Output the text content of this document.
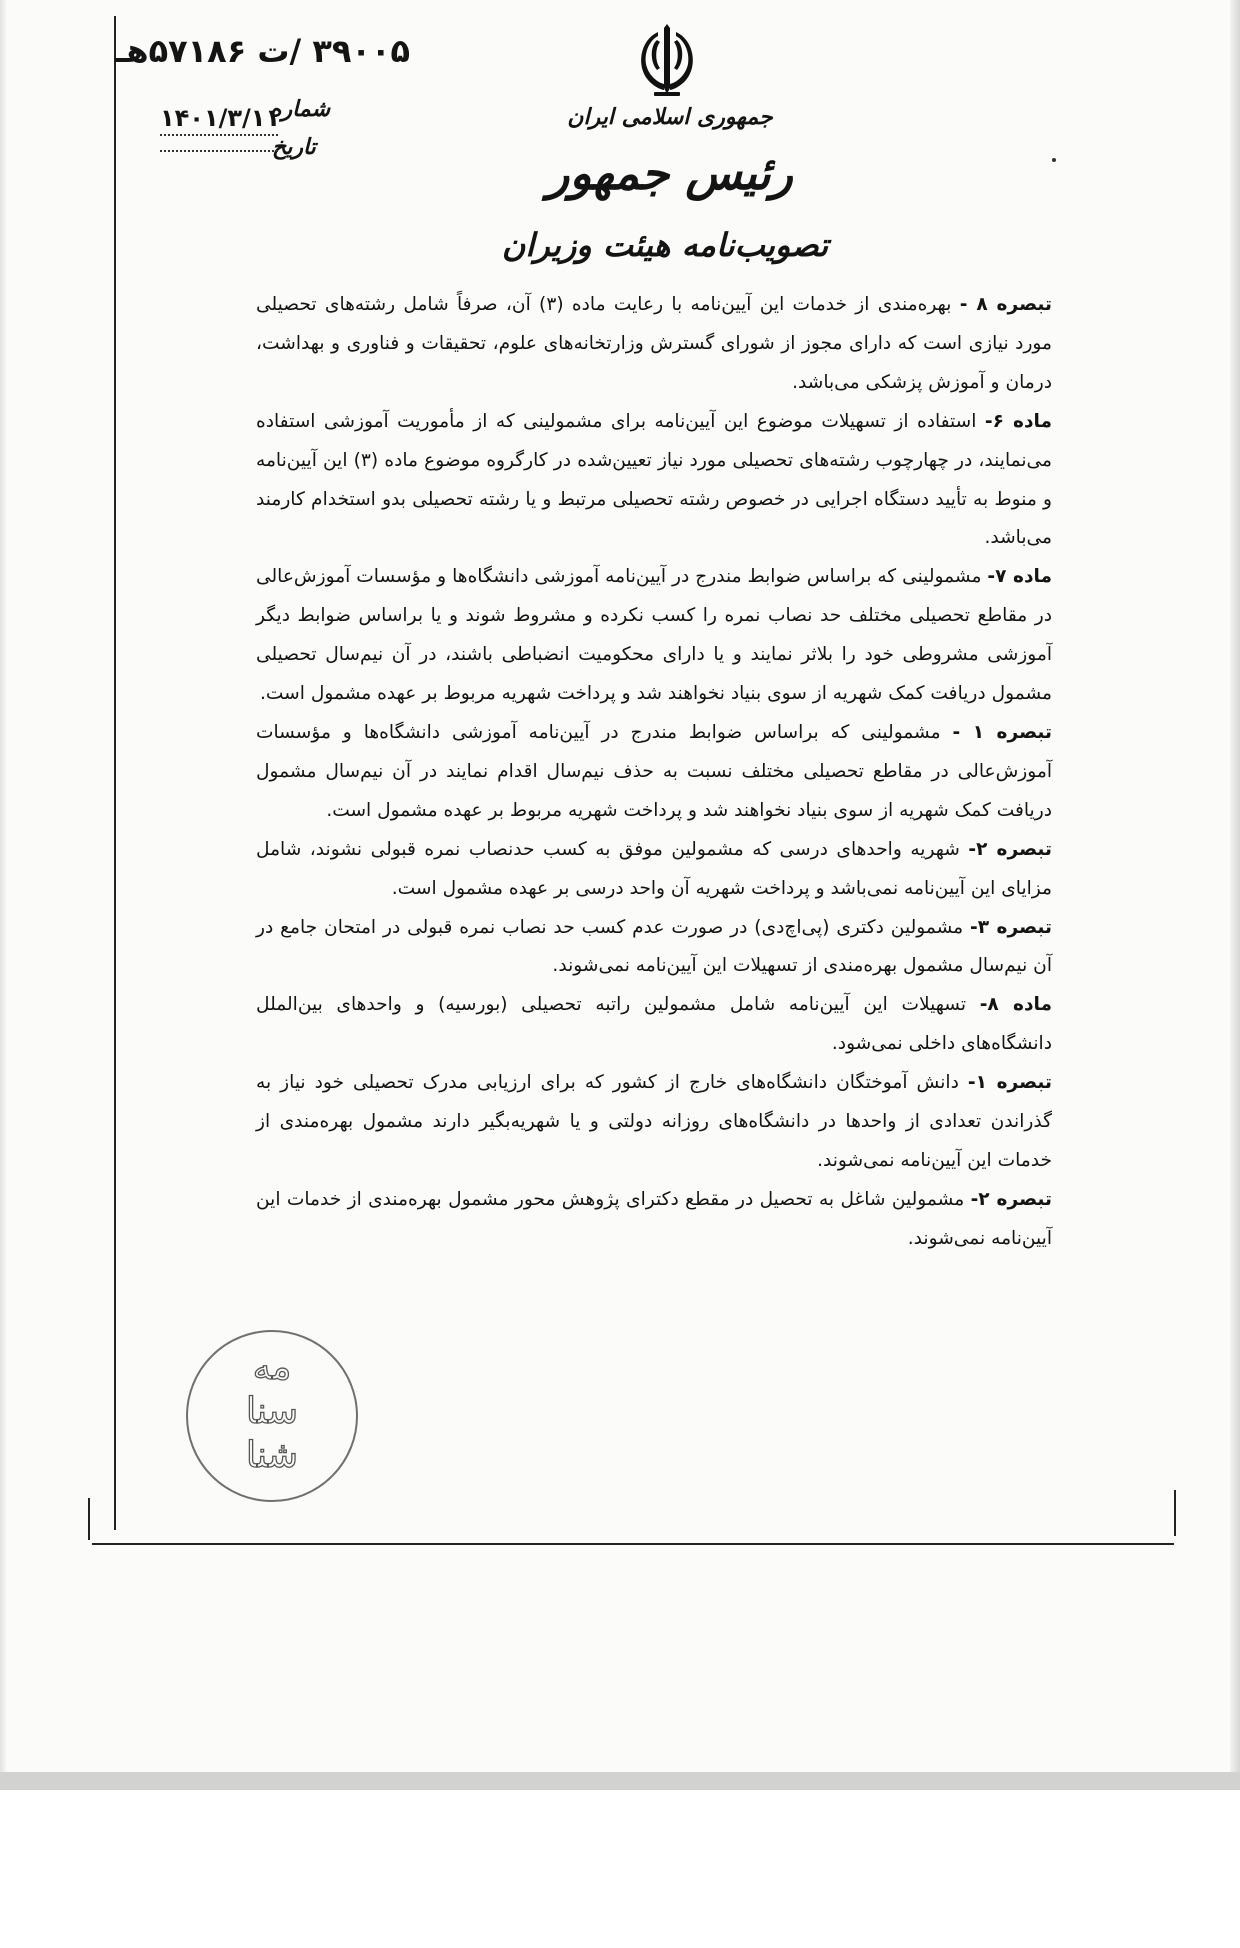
جمهوری اسلامی ایران
رئیس جمهور
تصویب‌نامه هیئت وزیران
۳۹۰۰۵ /ت ۵۷۱۸۶هـ
شماره
تاریخ
۱۴۰۱/۳/۱۱

تبصره ۸ - بهره‌مندی از خدمات این آیین‌نامه با رعایت ماده (۳) آن، صرفاً شامل رشته‌های تحصیلی مورد نیازی است که دارای مجوز از شورای گسترش وزارتخانه‌های علوم، تحقیقات و فناوری و بهداشت، درمان و آموزش پزشکی می‌باشد.

ماده ۶- استفاده از تسهیلات موضوع این آیین‌نامه برای مشمولینی که از مأموریت آموزشی استفاده می‌نمایند، در چهارچوب رشته‌های تحصیلی مورد نیاز تعیین‌شده در کارگروه موضوع ماده (۳) این آیین‌نامه و منوط به تأیید دستگاه اجرایی در خصوص رشته تحصیلی مرتبط و یا رشته تحصیلی بدو استخدام کارمند می‌باشد.

ماده ۷- مشمولینی که براساس ضوابط مندرج در آیین‌نامه آموزشی دانشگاه‌ها و مؤسسات آموزش‌عالی در مقاطع تحصیلی مختلف حد نصاب نمره را کسب نکرده و مشروط شوند و یا براساس ضوابط دیگر آموزشی مشروطی خود را بلاثر نمایند و یا دارای محکومیت انضباطی باشند، در آن نیم‌سال تحصیلی مشمول دریافت کمک شهریه از سوی بنیاد نخواهند شد و پرداخت شهریه مربوط بر عهده مشمول است.

تبصره ۱ - مشمولینی که براساس ضوابط مندرج در آیین‌نامه آموزشی دانشگاه‌ها و مؤسسات آموزش‌عالی در مقاطع تحصیلی مختلف نسبت به حذف نیم‌سال اقدام نمایند در آن نیم‌سال مشمول دریافت کمک شهریه از سوی بنیاد نخواهند شد و پرداخت شهریه مربوط بر عهده مشمول است.

تبصره ۲- شهریه واحدهای درسی که مشمولین موفق به کسب حدنصاب نمره قبولی نشوند، شامل مزایای این آیین‌نامه نمی‌باشد و پرداخت شهریه آن واحد درسی بر عهده مشمول است.

تبصره ۳- مشمولین دکتری (پی‌اچ‌دی) در صورت عدم کسب حد نصاب نمره قبولی در امتحان جامع در آن نیم‌سال مشمول بهره‌مندی از تسهیلات این آیین‌نامه نمی‌شوند.

ماده ۸- تسهیلات این آیین‌نامه شامل مشمولین راتبه تحصیلی (بورسیه) و واحدهای بین‌الملل دانشگاه‌های داخلی نمی‌شود.

تبصره ۱- دانش آموختگان دانشگاه‌های خارج از کشور که برای ارزیابی مدرک تحصیلی خود نیاز به گذراندن تعدادی از واحدها در دانشگاه‌های روزانه دولتی و یا شهریه‌بگیر دارند مشمول بهره‌مندی از خدمات این آیین‌نامه نمی‌شوند.

تبصره ۲- مشمولین شاغل به تحصیل در مقطع دکترای پژوهش محور مشمول بهره‌مندی از خدمات این آیین‌نامه نمی‌شوند.

مه
سنا
شنا
